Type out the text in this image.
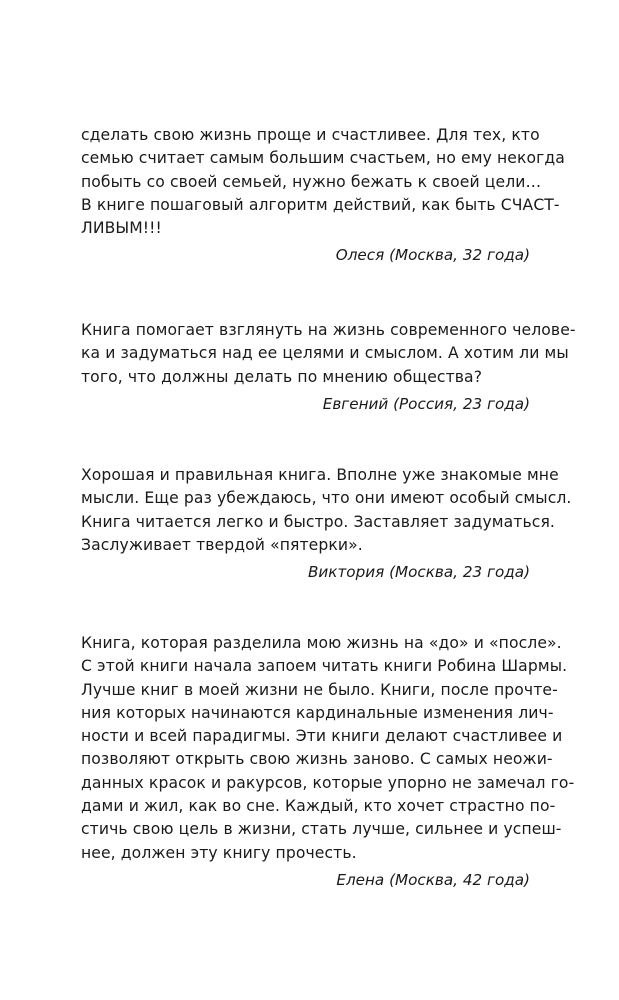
сделать свою жизнь проще и счастливее. Для тех, кто
семью считает самым большим счастьем, но ему некогда
побыть со своей семьей, нужно бежать к своей цели…
В книге пошаговый алгоритм действий, как быть СЧАСТ-
ЛИВЫМ!!!

Олеся (Москва, 32 года)

Книга помогает взглянуть на жизнь современного челове-
ка и задуматься над ее целями и смыслом. А хотим ли мы
того, что должны делать по мнению общества?

Евгений (Россия, 23 года)

Хорошая и правильная книга. Вполне уже знакомые мне
мысли. Еще раз убеждаюсь, что они имеют особый смысл.
Книга читается легко и быстро. Заставляет задуматься.
Заслуживает твердой «пятерки».

Виктория (Москва, 23 года)

Книга, которая разделила мою жизнь на «до» и «после».
С этой книги начала запоем читать книги Робина Шармы.
Лучше книг в моей жизни не было. Книги, после прочте-
ния которых начинаются кардинальные изменения лич-
ности и всей парадигмы. Эти книги делают счастливее и
позволяют открыть свою жизнь заново. С самых неожи-
данных красок и ракурсов, которые упорно не замечал го-
дами и жил, как во сне. Каждый, кто хочет страстно по-
стичь свою цель в жизни, стать лучше, сильнее и успеш-
нее, должен эту книгу прочесть.

Елена (Москва, 42 года)
